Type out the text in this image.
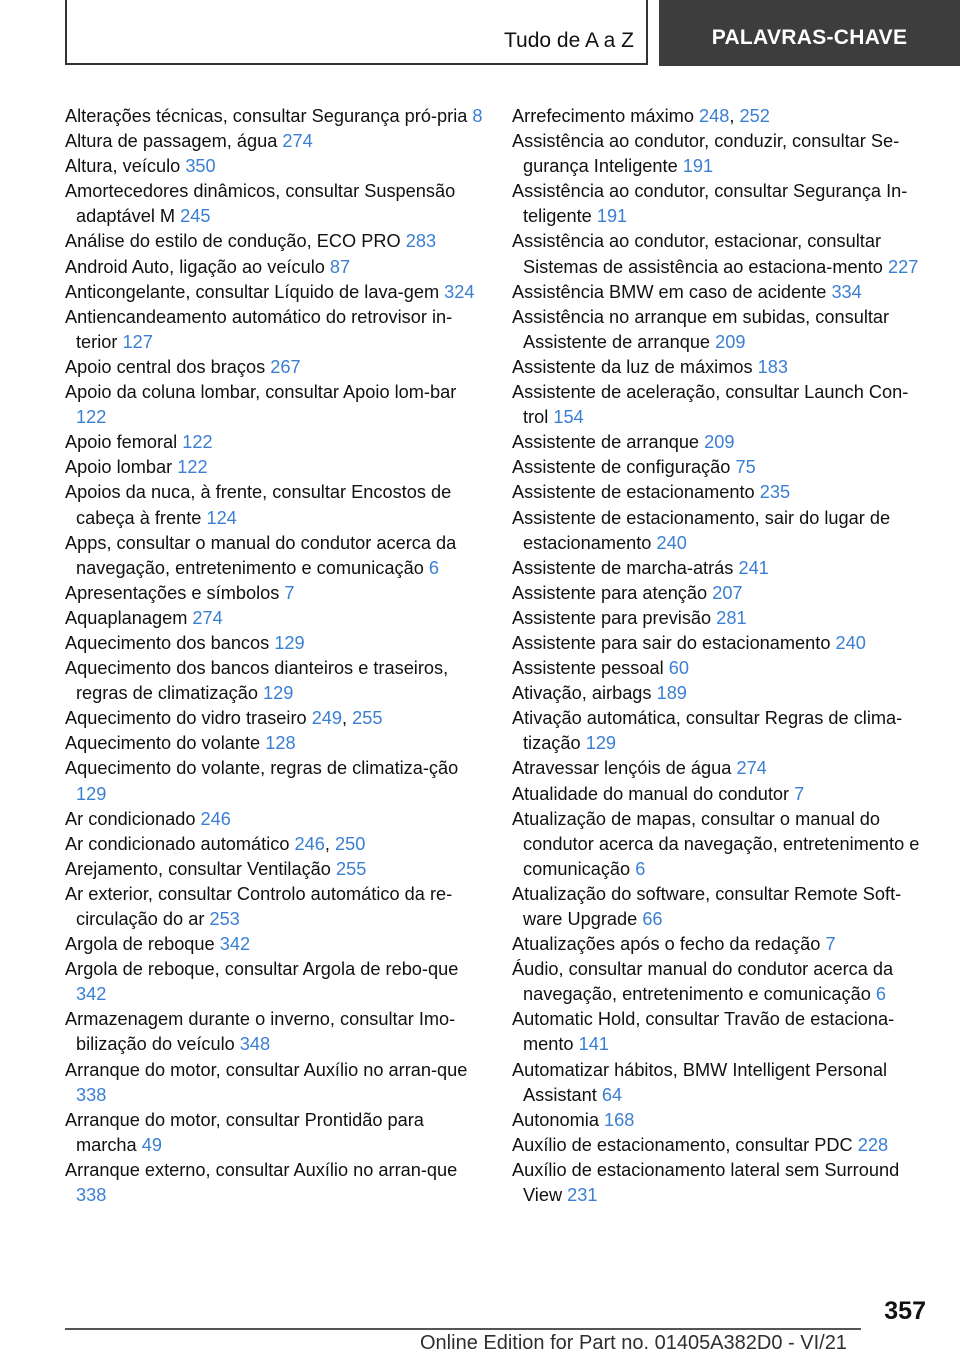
Tudo de A a Z	PALAVRAS-CHAVE
Alterações técnicas, consultar Segurança pró‐pria 8
Altura de passagem, água 274
Altura, veículo 350
Amortecedores dinâmicos, consultar Suspensão adaptável M 245
Análise do estilo de condução, ECO PRO 283
Android Auto, ligação ao veículo 87
Anticongelante, consultar Líquido de lava‐gem 324
Antiencandeamento automático do retrovisor in‐terior 127
Apoio central dos braços 267
Apoio da coluna lombar, consultar Apoio lom‐bar 122
Apoio femoral 122
Apoio lombar 122
Apoios da nuca, à frente, consultar Encostos de cabeça à frente 124
Apps, consultar o manual do condutor acerca da navegação, entretenimento e comunicação 6
Apresentações e símbolos 7
Aquaplanagem 274
Aquecimento dos bancos 129
Aquecimento dos bancos dianteiros e traseiros, regras de climatização 129
Aquecimento do vidro traseiro 249, 255
Aquecimento do volante 128
Aquecimento do volante, regras de climatiza‐ção 129
Ar condicionado 246
Ar condicionado automático 246, 250
Arejamento, consultar Ventilação 255
Ar exterior, consultar Controlo automático da re‐circulação do ar 253
Argola de reboque 342
Argola de reboque, consultar Argola de rebo‐que 342
Armazenagem durante o inverno, consultar Imo‐bilização do veículo 348
Arranque do motor, consultar Auxílio no arran‐que 338
Arranque do motor, consultar Prontidão para marcha 49
Arranque externo, consultar Auxílio no arran‐que 338
Arrefecimento máximo 248, 252
Assistência ao condutor, conduzir, consultar Se‐gurança Inteligente 191
Assistência ao condutor, consultar Segurança In‐teligente 191
Assistência ao condutor, estacionar, consultar Sistemas de assistência ao estaciona‐mento 227
Assistência BMW em caso de acidente 334
Assistência no arranque em subidas, consultar Assistente de arranque 209
Assistente da luz de máximos 183
Assistente de aceleração, consultar Launch Con‐trol 154
Assistente de arranque 209
Assistente de configuração 75
Assistente de estacionamento 235
Assistente de estacionamento, sair do lugar de estacionamento 240
Assistente de marcha-atrás 241
Assistente para atenção 207
Assistente para previsão 281
Assistente para sair do estacionamento 240
Assistente pessoal 60
Ativação, airbags 189
Ativação automática, consultar Regras de clima‐tização 129
Atravessar lençóis de água 274
Atualidade do manual do condutor 7
Atualização de mapas, consultar o manual do condutor acerca da navegação, entretenimento e comunicação 6
Atualização do software, consultar Remote Soft‐ware Upgrade 66
Atualizações após o fecho da redação 7
Áudio, consultar manual do condutor acerca da navegação, entretenimento e comunicação 6
Automatic Hold, consultar Travão de estaciona‐mento 141
Automatizar hábitos, BMW Intelligent Personal Assistant 64
Autonomia 168
Auxílio de estacionamento, consultar PDC 228
Auxílio de estacionamento lateral sem Surround View 231
357
Online Edition for Part no. 01405A382D0 - VI/21
